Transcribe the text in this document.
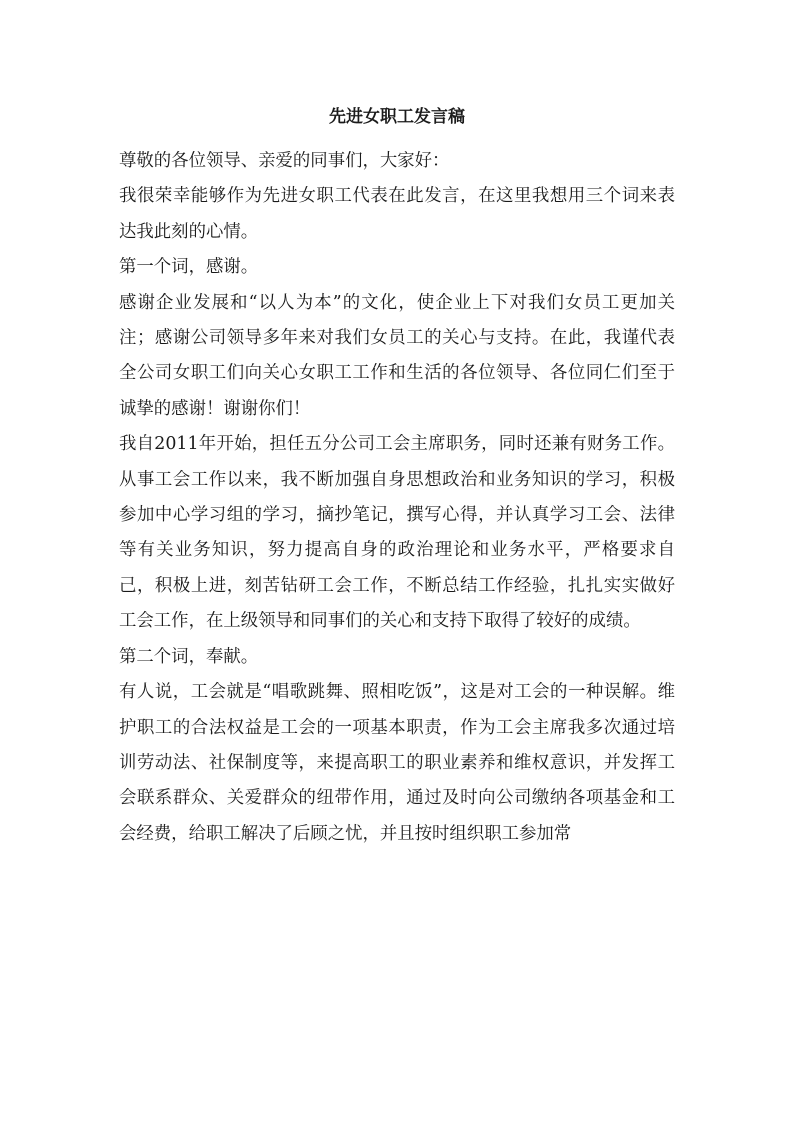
先进女职工发言稿

尊敬的各位领导、亲爱的同事们，大家好：

我很荣幸能够作为先进女职工代表在此发言，在这里我想用三个词来表达我此刻的心情。

第一个词，感谢。

感谢企业发展和“以人为本”的文化，使企业上下对我们女员工更加关注；感谢公司领导多年来对我们女员工的关心与支持。在此，我谨代表全公司女职工们向关心女职工工作和生活的各位领导、各位同仁们至于诚挚的感谢！谢谢你们！

我自2011年开始，担任五分公司工会主席职务，同时还兼有财务工作。从事工会工作以来，我不断加强自身思想政治和业务知识的学习，积极参加中心学习组的学习，摘抄笔记，撰写心得，并认真学习工会、法律等有关业务知识，努力提高自身的政治理论和业务水平，严格要求自己，积极上进，刻苦钻研工会工作，不断总结工作经验，扎扎实实做好工会工作，在上级领导和同事们的关心和支持下取得了较好的成绩。

第二个词，奉献。

有人说，工会就是“唱歌跳舞、照相吃饭”，这是对工会的一种误解。维护职工的合法权益是工会的一项基本职责，作为工会主席我多次通过培训劳动法、社保制度等，来提高职工的职业素养和维权意识，并发挥工会联系群众、关爱群众的纽带作用，通过及时向公司缴纳各项基金和工会经费，给职工解决了后顾之忧，并且按时组织职工参加常
